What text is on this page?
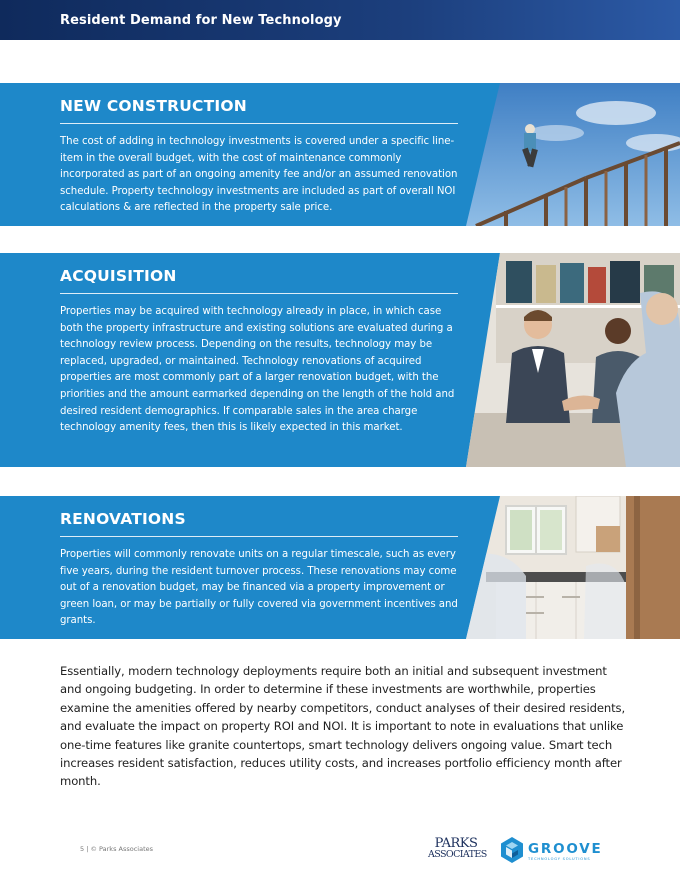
Resident Demand for New Technology
NEW CONSTRUCTION
The cost of adding in technology investments is covered under a specific line-item in the overall budget, with the cost of maintenance commonly incorporated as part of an ongoing amenity fee and/or an assumed renovation schedule. Property technology investments are included as part of overall NOI calculations & are reflected in the property sale price.
ACQUISITION
Properties may be acquired with technology already in place, in which case both the property infrastructure and existing solutions are evaluated during a technology review process. Depending on the results, technology may be replaced, upgraded, or maintained. Technology renovations of acquired properties are most commonly part of a larger renovation budget, with the priorities and the amount earmarked depending on the length of the hold and desired resident demographics. If comparable sales in the area charge technology amenity fees, then this is likely expected in this market.
RENOVATIONS
Properties will commonly renovate units on a regular timescale, such as every five years, during the resident turnover process. These renovations may come out of a renovation budget, may be financed via a property improvement or green loan, or may be partially or fully covered via government incentives and grants.
Essentially, modern technology deployments require both an initial and subsequent investment and ongoing budgeting. In order to determine if these investments are worthwhile, properties examine the amenities offered by nearby competitors, conduct analyses of their desired residents, and evaluate the impact on property ROI and NOI. It is important to note in evaluations that unlike one-time features like granite countertops, smart technology delivers ongoing value. Smart tech increases resident satisfaction, reduces utility costs, and increases portfolio efficiency month after month.
5 | © Parks Associates	PARKS
ASSOCIATES	GROOVE
TECHNOLOGY SOLUTIONS
